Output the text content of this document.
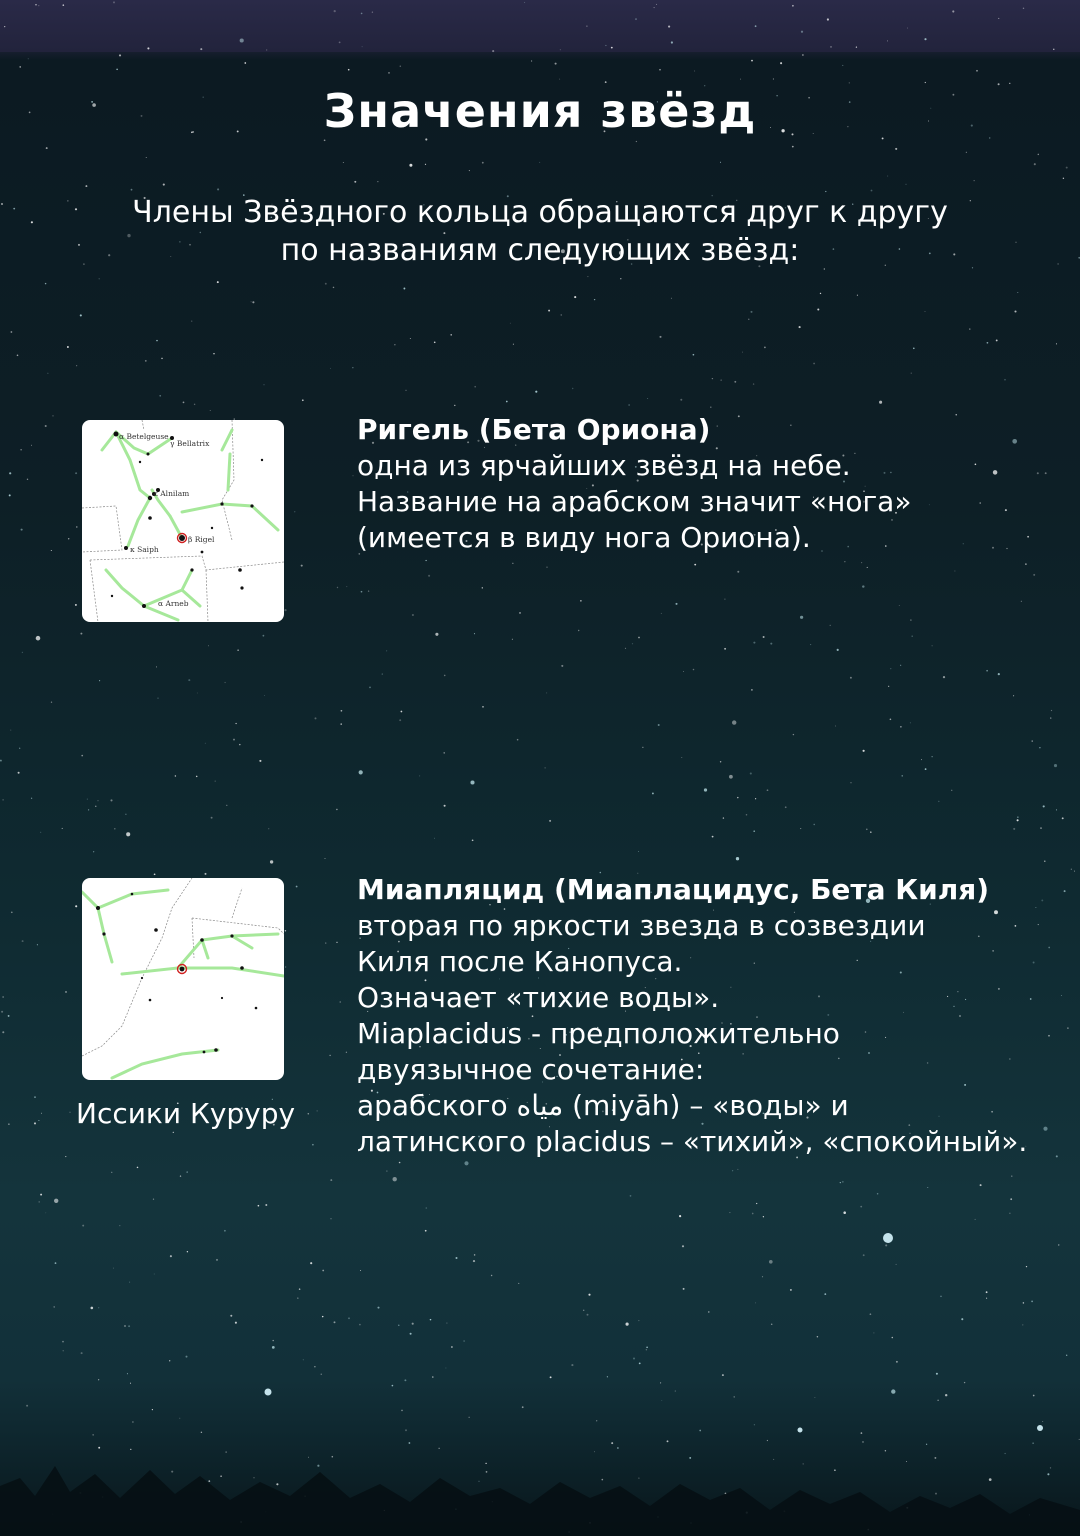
Значения звёзд
Члены Звёздного кольца обращаются друг к другу
по названиям следующих звёзд:
α Betelgeuse
γ Bellatrix
ε Alnilam
κ Saiph
β Rigel
α Arneb
Ригель (Бета Ориона)
одна из ярчайших звёзд на небе.
Название на арабском значит «нога»
(имеется в виду нога Ориона).
Миапляцид (Миаплацидус, Бета Киля)
вторая по яркости звезда в созвездии
Киля после Канопуса.
Означает «тихие воды».
Miaplacidus - предположительно
двуязычное сочетание:
арабского مياه (miyāh) – «воды» и
латинского placidus – «тихий», «спокойный».
Иссики Куруру
